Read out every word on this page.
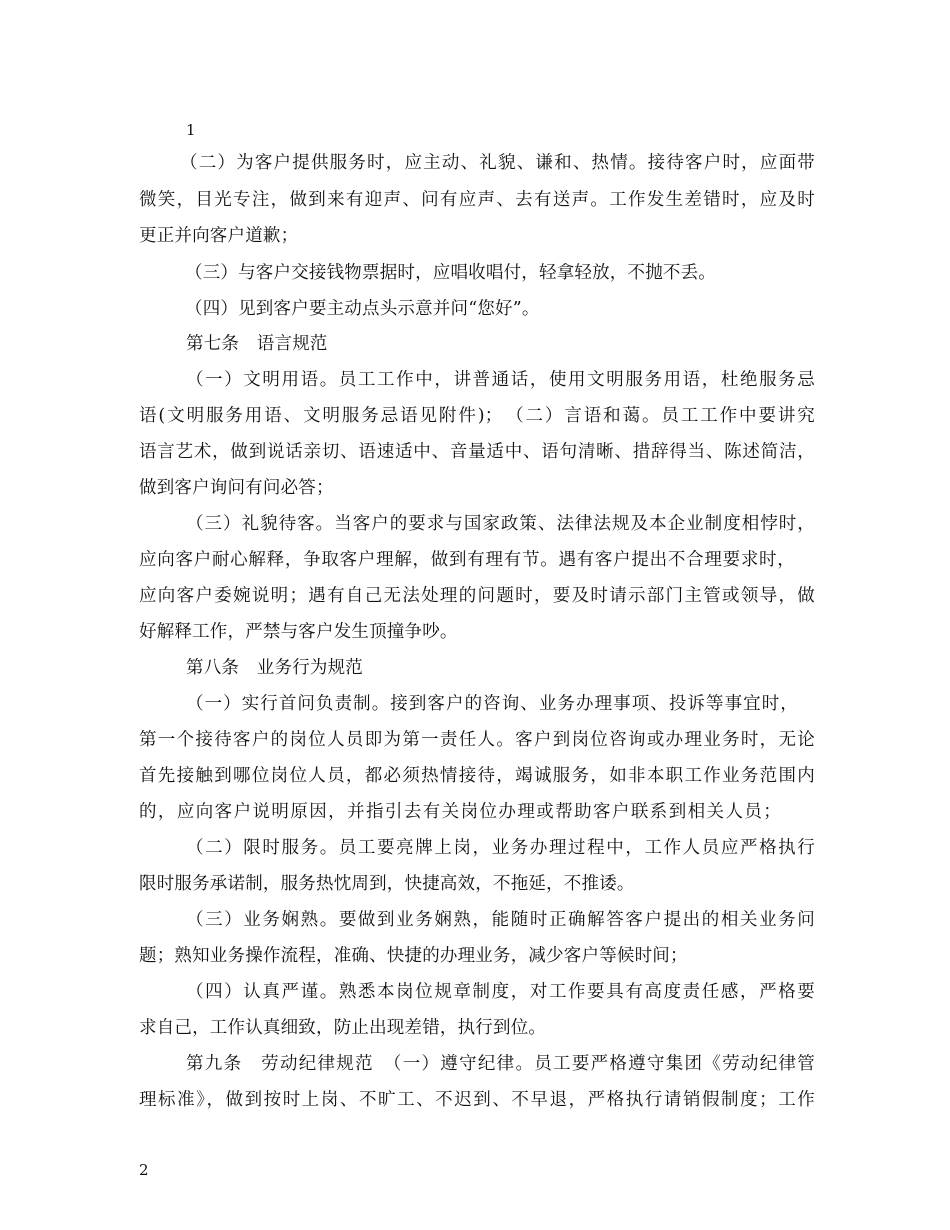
1
（二）为客户提供服务时，应主动、礼貌、谦和、热情。接待客户时，应面带
微笑，目光专注，做到来有迎声、问有应声、去有送声。工作发生差错时，应及时
更正并向客户道歉；
（三）与客户交接钱物票据时，应唱收唱付，轻拿轻放，不抛不丢。
（四）见到客户要主动点头示意并问“您好”。
第七条　语言规范
（一）文明用语。员工工作中，讲普通话，使用文明服务用语，杜绝服务忌
语(文明服务用语、文明服务忌语见附件)；　（二）言语和蔼。员工工作中要讲究
语言艺术，做到说话亲切、语速适中、音量适中、语句清晰、措辞得当、陈述简洁，
做到客户询问有问必答；
（三）礼貌待客。当客户的要求与国家政策、法律法规及本企业制度相悖时，
应向客户耐心解释，争取客户理解，做到有理有节。遇有客户提出不合理要求时，
应向客户委婉说明；遇有自己无法处理的问题时，要及时请示部门主管或领导，做
好解释工作，严禁与客户发生顶撞争吵。
第八条　业务行为规范
（一）实行首问负责制。接到客户的咨询、业务办理事项、投诉等事宜时，
第一个接待客户的岗位人员即为第一责任人。客户到岗位咨询或办理业务时，无论
首先接触到哪位岗位人员，都必须热情接待，竭诚服务，如非本职工作业务范围内
的，应向客户说明原因，并指引去有关岗位办理或帮助客户联系到相关人员；
（二）限时服务。员工要亮牌上岗，业务办理过程中，工作人员应严格执行
限时服务承诺制，服务热忱周到，快捷高效，不拖延，不推诿。
（三）业务娴熟。要做到业务娴熟，能随时正确解答客户提出的相关业务问
题；熟知业务操作流程，准确、快捷的办理业务，减少客户等候时间；
（四）认真严谨。熟悉本岗位规章制度，对工作要具有高度责任感，严格要
求自己，工作认真细致，防止出现差错，执行到位。
第九条　劳动纪律规范　（一）遵守纪律。员工要严格遵守集团《劳动纪律管
理标准》，做到按时上岗、不旷工、不迟到、不早退，严格执行请销假制度；工作
2
